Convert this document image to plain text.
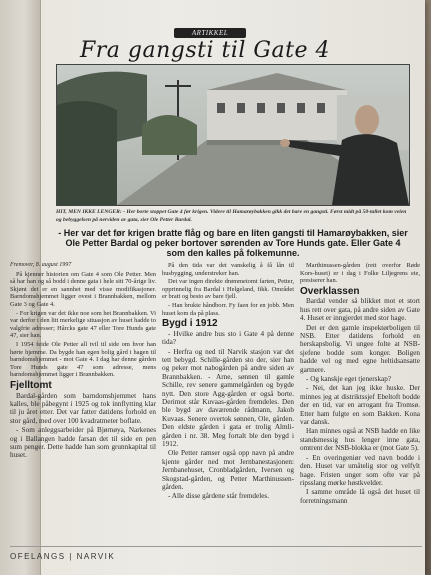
ARTIKKEL
Fra gangsti til Gate 4
HIT, MEN IKKE LENGER: - Her borte stoppet Gate 4 før krigen. Videre til Hamarøybakken gikk det bare en gangsti. Først midt på 50-tallet kom veien og bebyggelsen på nerviden av gata, sier Ole Petter Bardal.
- Her var det før krigen bratte flåg og bare en liten gangsti til Hamarøybakken, sier Ole Petter Bardal og peker bortover sørenden av Tore Hunds gate. Eller Gate 4 som den kalles på folkemunne.

Fremover, 8. august 1997

På kjenner historien om Gate 4 som Ole Petter. Men så har han og så bodd i denne gata i hele sitt 70-årige liv. Skjønt det er en sannhet med visse modifikasjoner. Barndomshjemmet ligger ovest i Brannbakken, mellom Gate 3 og Gate 4.

- For krigen var det ikke noe som het Brannbakken. Vi var derfor i den litt merkelige situasjon av huset hadde to valgfrie adresser; Hårcks gate 47 eller Tore Hunds gate 47, sier han.

I 1954 feide Ole Petter all tvil til side om hvor han hørte hjemme. Da bygde han egen bolig gård i hagen til barndomshjemmet - mot Gate 4. I dag har denne gården Tore Hunds gate 47 som adresse, mens barndomshjemmet ligger i Brannbakken.

Fjelltomt

Bardal-gården som barndomshjemmet hans kalles, ble påbegynt i 1925 og tok innflytting klar til ju året etter. Det var fatter datidens forhold en stor gård, med over 100 kvadratmeter boflate.

- Som anleggsarbeider på Bjørnøya, Narkenes og i Ballangen hadde farsan det til side en pen sum penger. Dette hadde han som grunnkapital til huset.

På den tida var det vanskelig å få lån til husbygging, understreker han.

Det var ingen direkte drømmetomt farten, Petter, opprinnelig fra Bardal i Helgeland, fikk. Området er bratt og besto av bare fjell.

- Han brukte håndborr. Fy faen for en jobb. Men huset kom da på plass.

Bygd i 1912

- Hvilke andre hus sto i Gate 4 på denne tida?

- Herfra og ned til Narvik stasjon var det tett bebygd. Schille-gården sto der, sier han og peker mot nabogården på andre siden av Brannbakken. - Arne, sønnen til gamle Schille, rev senere gammelgården og bygde nytt. Den store Agg-gården er også borte. Derimot står Kuvaas-gården fremdeles. Den ble bygd av daværende rådmann, Jakob Kuvaas. Senere overtok sønnen, Ole, gården. Den eldste gården i gata er trolig Almli-gården i nr. 38. Meg fortalt ble den bygd i 1912.

Ole Petter ramser også opp navn på andre kjente gårder ned mot Jernbanestasjonen: Jernbanehuset, Cronbladgården, Iversen og Skogstad-gården, og Petter Marthinussen-gården.

- Alle disse gårdene står fremdeles.

Marthinussen-gården (rett overfor Røde Kors-huset) er i dag i Folke Liljegrens eie, presiserer han.

Overklassen

Bardal vender så blikket mot et stort hus rett over gata, på andre siden av Gate 4. Huset er inngjerdet med stor hage.

Det er den gamle inspektørboligen til NSB. Etter datidens forhold en herskapsbolig. Vi ungee folte at NSB-sjefene bodde som konger. Boligen hadde vel og med egne heltidsansatte gartnere.

- Og kanskje eget tjenerskap?

- Nei, det kan jeg ikke huske. Der minnes jeg at distriktssjef Ebeltoft bodde der en tid, var en arrogant fra Tromsø. Etter ham fulgte en som Bakken. Kona var dansk.

Han minnes også at NSB hadde en like standsmessig hus lenger inne gata, omtrent der NSB-blokka er (mot Gate 5).

- En overingeniør ved navn bodde i den. Huset var umåtelig stor og velfylt hage. Fristen unger som ofte var på ripsslang mørke høstkvelder.

I samme område lå også det huset til forretningsmann

OFELANGS | NARVIK
